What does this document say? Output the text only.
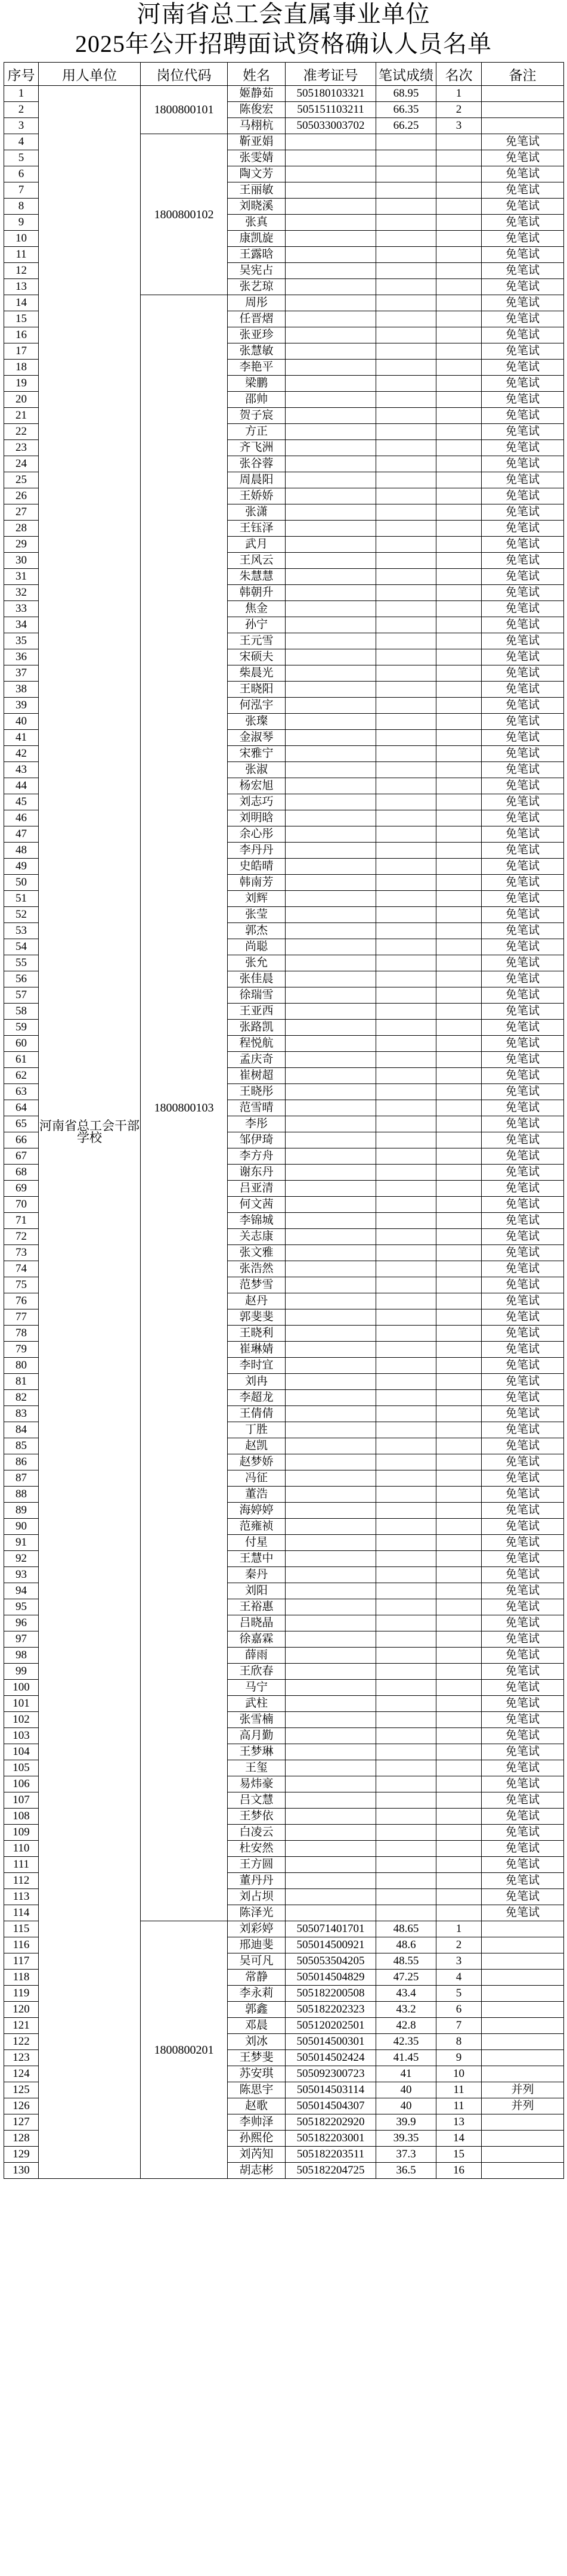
河南省总工会直属事业单位
2025年公开招聘面试资格确认人员名单
序号	用人单位	岗位代码	姓名	准考证号	笔试成绩	名次	备注
1	河南省总工会干部学校	1800800101	姬静茹	505180103321	68.95	1	
2			陈俊宏	505151103211	66.35	2	
3			马栩杭	505033003702	66.25	3	
4		1800800102	靳亚娟				免笔试
5			张雯婧				免笔试
6			陶文芳				免笔试
7			王丽敏				免笔试
8			刘晓溪				免笔试
9			张真				免笔试
10			康凯旋				免笔试
11			王露晗				免笔试
12			吴宪占				免笔试
13			张艺琼				免笔试
14		1800800103	周彤				免笔试
15			任晋熠				免笔试
16			张亚珍				免笔试
17			张慧敏				免笔试
18			李艳平				免笔试
19			梁鹏				免笔试
20			邵帅				免笔试
21			贺子宸				免笔试
22			方正				免笔试
23			齐飞洲				免笔试
24			张谷蓉				免笔试
25			周晨阳				免笔试
26			王娇娇				免笔试
27			张潇				免笔试
28			王钰泽				免笔试
29			武月				免笔试
30			王风云				免笔试
31			朱慧慧				免笔试
32			韩朝升				免笔试
33			焦金				免笔试
34			孙宁				免笔试
35			王元雪				免笔试
36			宋硕夫				免笔试
37			柴晨光				免笔试
38			王晓阳				免笔试
39			何泓宇				免笔试
40			张璨				免笔试
41			金淑琴				免笔试
42			宋雅宁				免笔试
43			张淑				免笔试
44			杨宏旭				免笔试
45			刘志巧				免笔试
46			刘明晗				免笔试
47			余心彤				免笔试
48			李丹丹				免笔试
49			史皓晴				免笔试
50			韩南芳				免笔试
51			刘辉				免笔试
52			张莹				免笔试
53			郭杰				免笔试
54			尚聪				免笔试
55			张允				免笔试
56			张佳晨				免笔试
57			徐瑞雪				免笔试
58			王亚西				免笔试
59			张路凯				免笔试
60			程悦航				免笔试
61			孟庆奇				免笔试
62			崔树超				免笔试
63			王晓彤				免笔试
64			范雪晴				免笔试
65			李彤				免笔试
66			邹伊琦				免笔试
67			李方舟				免笔试
68			谢东丹				免笔试
69			吕亚清				免笔试
70			何文茜				免笔试
71			李锦城				免笔试
72			关志康				免笔试
73			张文雅				免笔试
74			张浩然				免笔试
75			范梦雪				免笔试
76			赵丹				免笔试
77			郭斐斐				免笔试
78			王晓利				免笔试
79			崔琳婧				免笔试
80			李时宜				免笔试
81			刘冉				免笔试
82			李超龙				免笔试
83			王倩倩				免笔试
84			丁胜				免笔试
85			赵凯				免笔试
86			赵梦娇				免笔试
87			冯征				免笔试
88			董浩				免笔试
89			海婷婷				免笔试
90			范雍祯				免笔试
91			付星				免笔试
92			王慧中				免笔试
93			秦丹				免笔试
94			刘阳				免笔试
95			王裕惠				免笔试
96			吕晓晶				免笔试
97			徐嘉霖				免笔试
98			薛雨				免笔试
99			王欣春				免笔试
100			马宁				免笔试
101			武柱				免笔试
102			张雪楠				免笔试
103			高月勤				免笔试
104			王梦琳				免笔试
105			王玺				免笔试
106			易炜豪				免笔试
107			吕文慧				免笔试
108			王梦依				免笔试
109			白凌云				免笔试
110			杜安然				免笔试
111			王方圆				免笔试
112			董丹丹				免笔试
113			刘占坝				免笔试
114			陈泽光				免笔试
115		1800800201	刘彩婷	505071401701	48.65	1	
116			邢迪斐	505014500921	48.6	2	
117			吴可凡	505053504205	48.55	3	
118			常静	505014504829	47.25	4	
119			李永莉	505182200508	43.4	5	
120			郭鑫	505182202323	43.2	6	
121			邓晨	505120202501	42.8	7	
122			刘冰	505014500301	42.35	8	
123			王梦斐	505014502424	41.45	9	
124			苏安琪	505092300723	41	10	
125			陈思宇	505014503114	40	11	并列
126			赵歌	505014504307	40	11	并列
127			李帅泽	505182202920	39.9	13	
128			孙熙伦	505182203001	39.35	14	
129			刘芮知	505182203511	37.3	15	
130			胡志彬	505182204725	36.5	16	
